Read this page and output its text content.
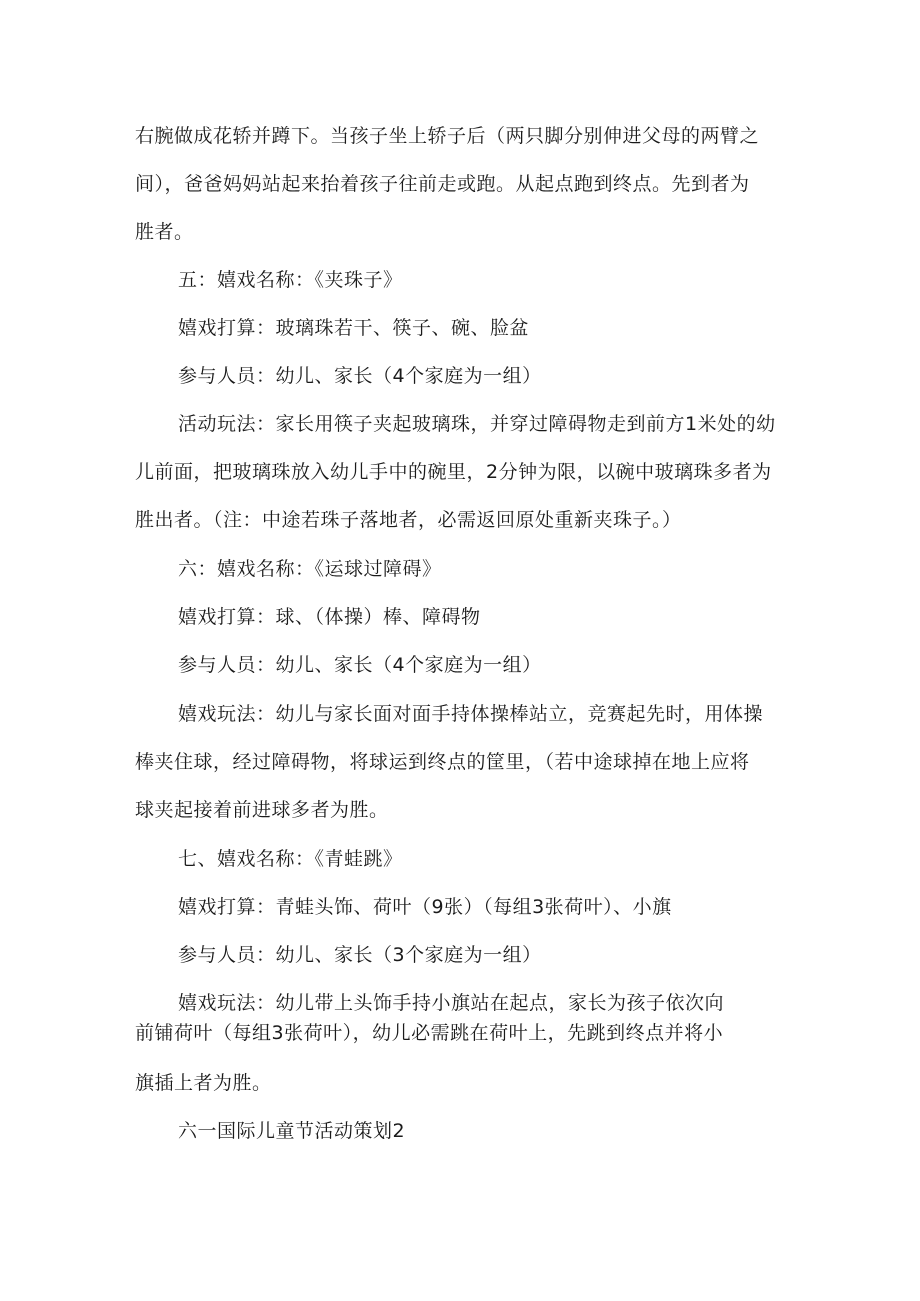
右腕做成花轿并蹲下。当孩子坐上轿子后（两只脚分别伸进父母的两臂之
间），爸爸妈妈站起来抬着孩子往前走或跑。从起点跑到终点。先到者为
胜者。
五：嬉戏名称：《夹珠子》
嬉戏打算：玻璃珠若干、筷子、碗、脸盆
参与人员：幼儿、家长（4个家庭为一组）
活动玩法：家长用筷子夹起玻璃珠，并穿过障碍物走到前方1米处的幼
儿前面，把玻璃珠放入幼儿手中的碗里，2分钟为限，以碗中玻璃珠多者为
胜出者。（注：中途若珠子落地者，必需返回原处重新夹珠子。）
六：嬉戏名称：《运球过障碍》
嬉戏打算：球、（体操）棒、障碍物
参与人员：幼儿、家长（4个家庭为一组）
嬉戏玩法：幼儿与家长面对面手持体操棒站立，竞赛起先时，用体操
棒夹住球，经过障碍物，将球运到终点的筐里，（若中途球掉在地上应将
球夹起接着前进球多者为胜。
七、嬉戏名称：《青蛙跳》
嬉戏打算：青蛙头饰、荷叶（9张）（每组3张荷叶）、小旗
参与人员：幼儿、家长（3个家庭为一组）
嬉戏玩法：幼儿带上头饰手持小旗站在起点，家长为孩子依次向
前铺荷叶（每组3张荷叶），幼儿必需跳在荷叶上，先跳到终点并将小
旗插上者为胜。
六一国际儿童节活动策划2
